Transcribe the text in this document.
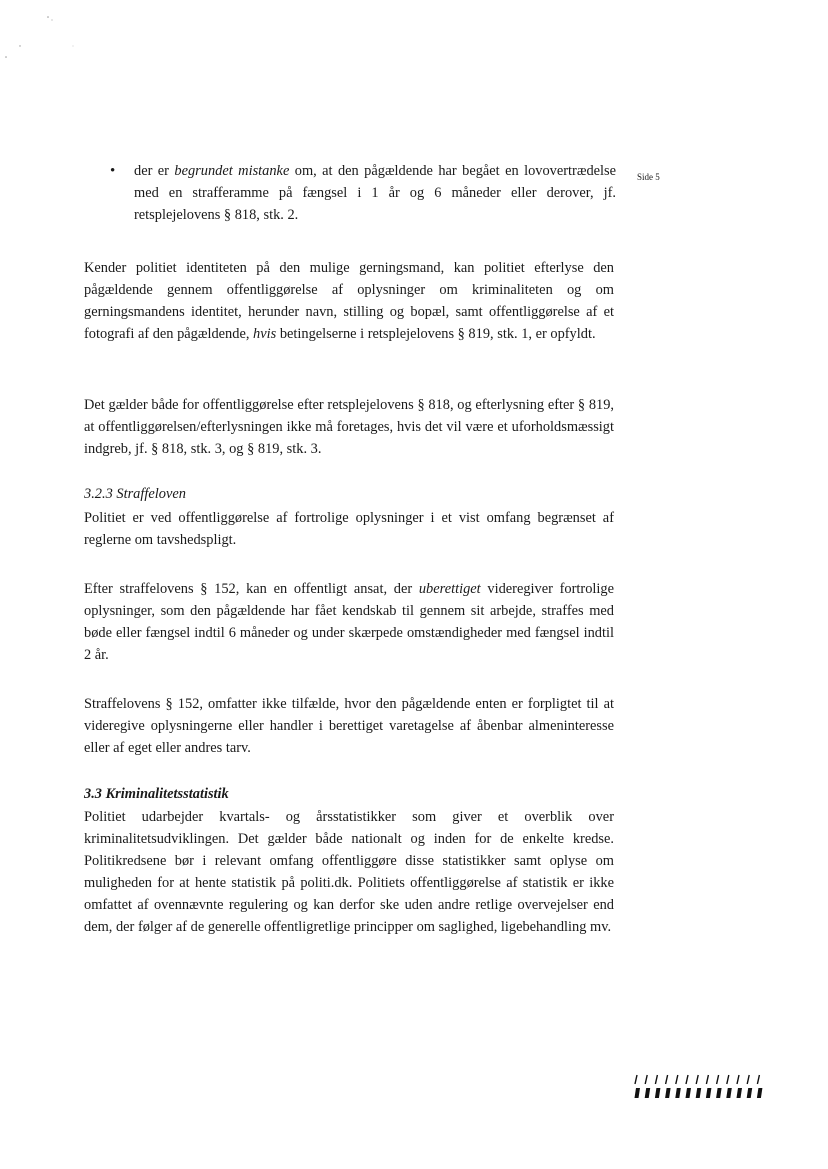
Side 5
• der er begrundet mistanke om, at den pågældende har begået en lovovertrædelse med en strafferamme på fængsel i 1 år og 6 måneder eller derover, jf. retsplejelovens § 818, stk. 2.

Kender politiet identiteten på den mulige gerningsmand, kan politiet efterlyse den pågældende gennem offentliggørelse af oplysninger om kriminaliteten og om gerningsmandens identitet, herunder navn, stilling og bopæl, samt offentliggørelse af et fotografi af den pågældende, hvis betingelserne i retsplejelovens § 819, stk. 1, er opfyldt.

Det gælder både for offentliggørelse efter retsplejelovens § 818, og efterlysning efter § 819, at offentliggørelsen/efterlysningen ikke må foretages, hvis det vil være et uforholdsmæssigt indgreb, jf. § 818, stk. 3, og § 819, stk. 3.

3.2.3 Straffeloven

Politiet er ved offentliggørelse af fortrolige oplysninger i et vist omfang begrænset af reglerne om tavshedspligt.

Efter straffelovens § 152, kan en offentligt ansat, der uberettiget videregiver fortrolige oplysninger, som den pågældende har fået kendskab til gennem sit arbejde, straffes med bøde eller fængsel indtil 6 måneder og under skærpede omstændigheder med fængsel indtil 2 år.

Straffelovens § 152, omfatter ikke tilfælde, hvor den pågældende enten er forpligtet til at videregive oplysningerne eller handler i berettiget varetagelse af åbenbar almeninteresse eller af eget eller andres tarv.

3.3 Kriminalitetsstatistik

Politiet udarbejder kvartals- og årsstatistikker som giver et overblik over kriminalitetsudviklingen. Det gælder både nationalt og inden for de enkelte kredse. Politikredsene bør i relevant omfang offentliggøre disse statistikker samt oplyse om muligheden for at hente statistik på politi.dk. Politiets offentliggørelse af statistik er ikke omfattet af ovennævnte regulering og kan derfor ske uden andre retlige overvejelser end dem, der følger af de generelle offentligretlige principper om saglighed, ligebehandling mv.
